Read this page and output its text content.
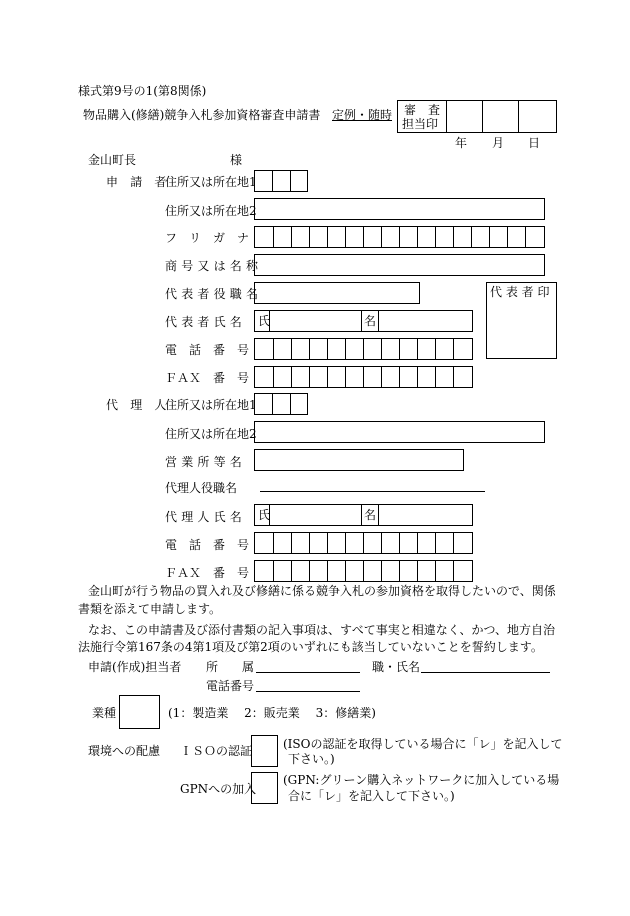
様式第9号の1(第8関係)
物品購入(修繕)競争入札参加資格審査申請書 定例・随時 審　査
担当印
年 月 日
金山町長	様
申 請 者
住所又は所在地1
住所又は所在地2
フ　リ　ガ　ナ
商号又は名称
代表者役職名	代 表 者 印
代表者氏名 氏	名
電　話　番　号
ＦＡＸ　番　号
代 理 人
住所又は所在地1
住所又は所在地2
営業所等名
代理人役職名
代理人氏名 氏	名
電　話　番　号
ＦＡＸ　番　号
金山町が行う物品の買入れ及び修繕に係る競争入札の参加資格を取得したいので、関係
書類を添えて申請します。
なお、この申請書及び添付書類の記入事項は、すべて事実と相違なく、かつ、地方自治
法施行令第167条の4第1項及び第2項のいずれにも該当していないことを誓約します。
申請(作成)担当者 所　　属	職・氏名
電話番号
業種	(1：製造業　 2：販売業　 3：修繕業)
環境への配慮 ＩＳＯの認証	(ISOの認証を取得している場合に「レ」を記入して
下さい。)
GPNへの加入
(GPN:グリーン購入ネットワークに加入している場
合に「レ」を記入して下さい。)
